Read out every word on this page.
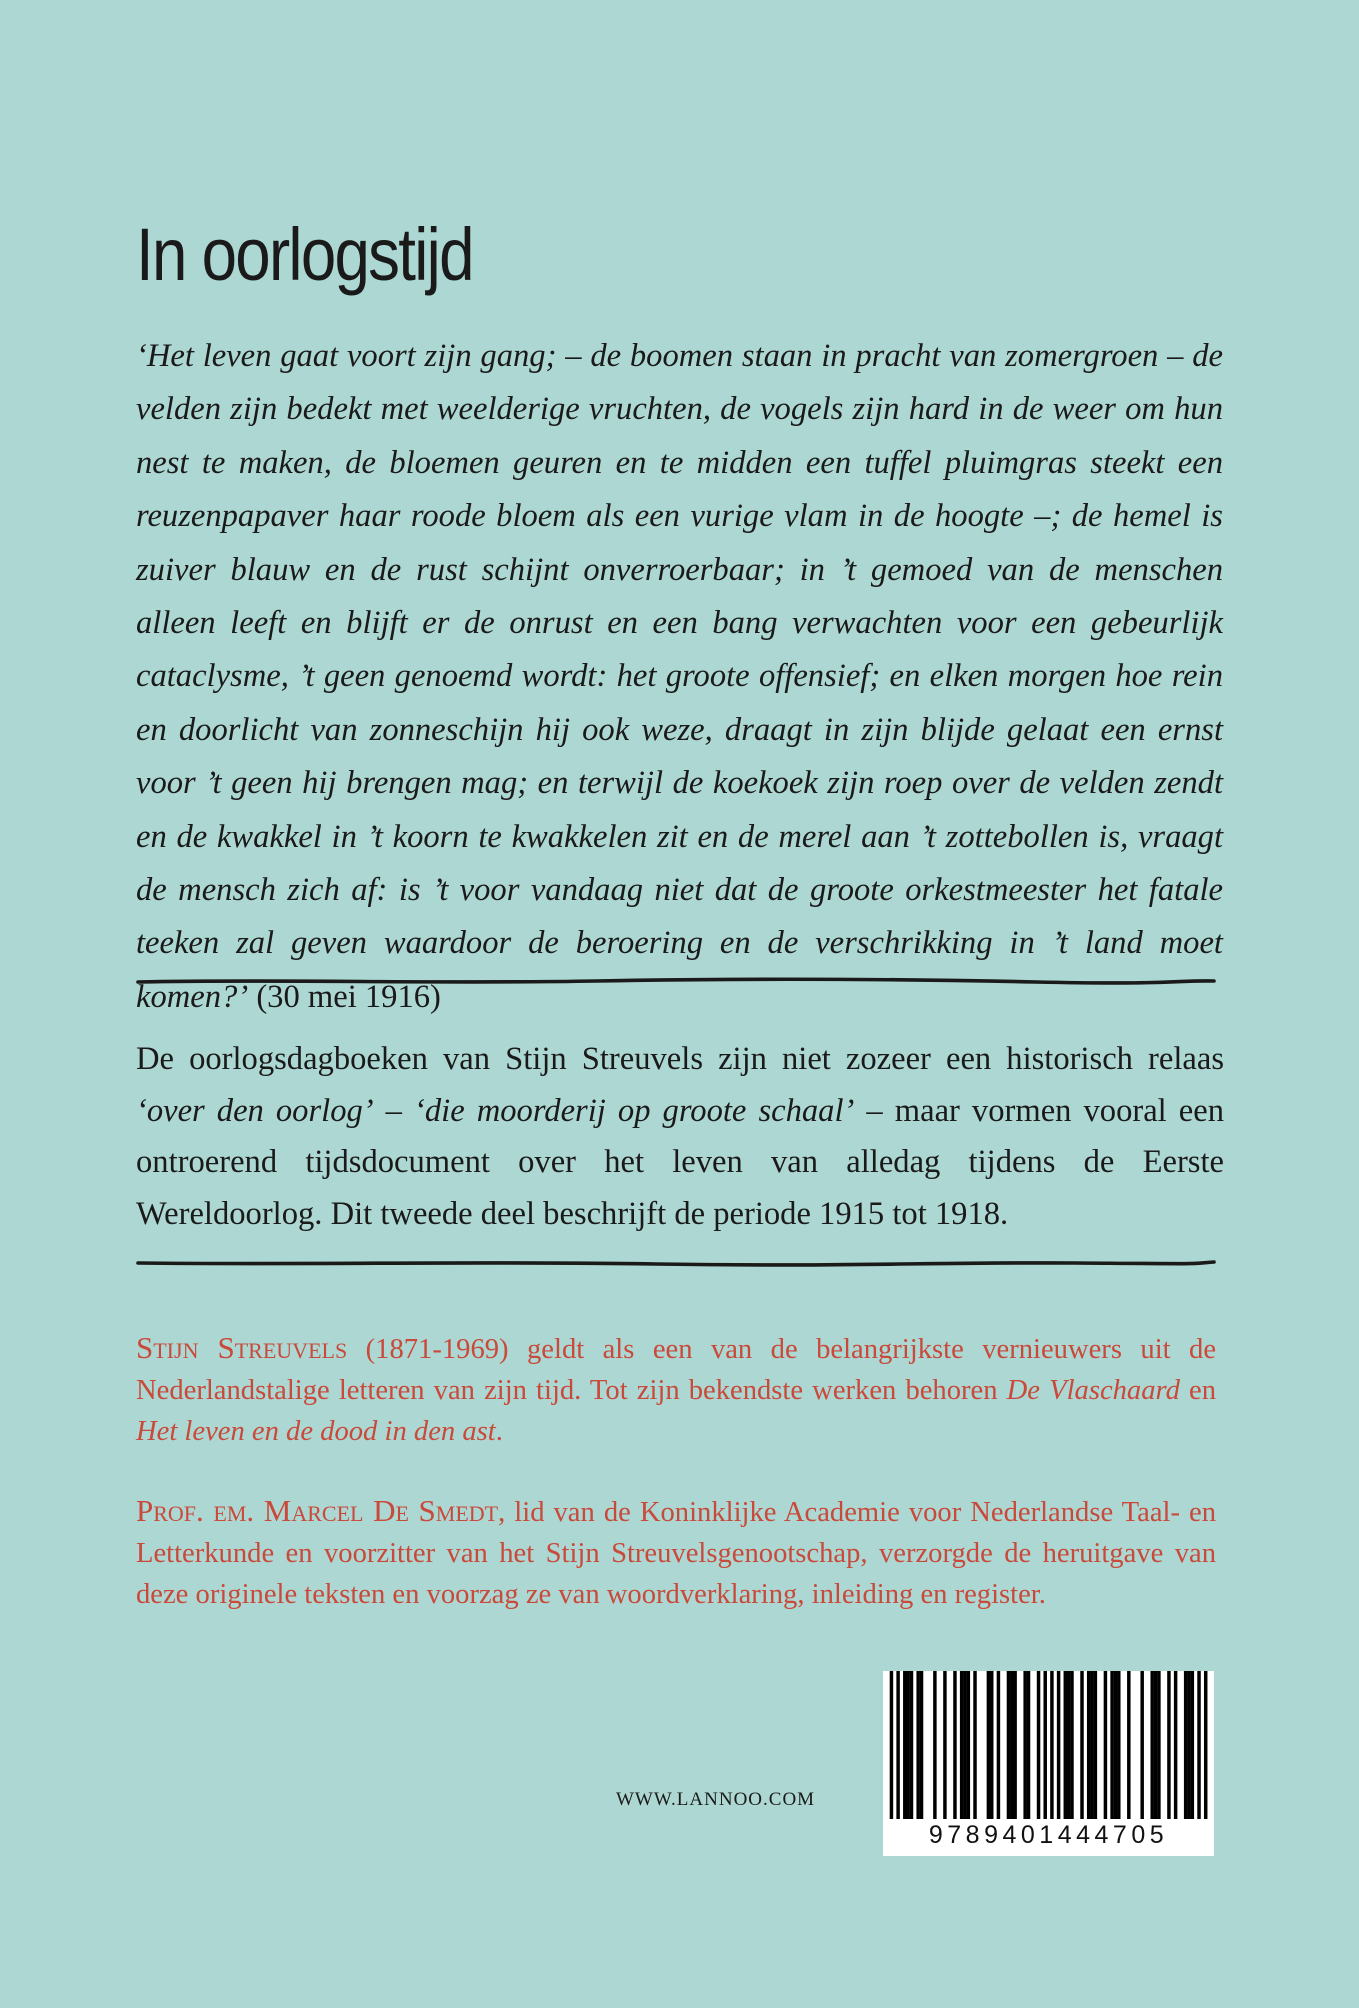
In oorlogstijd

‘Het leven gaat voort zijn gang; – de boomen staan in pracht van zomergroen – de velden zijn bedekt met weelderige vruchten, de vogels zijn hard in de weer om hun nest te maken, de bloemen geuren en te midden een tuffel pluimgras steekt een reuzenpapaver haar roode bloem als een vurige vlam in de hoogte –; de hemel is zuiver blauw en de rust schijnt onverroerbaar; in ’t gemoed van de menschen alleen leeft en blijft er de onrust en een bang verwachten voor een gebeurlijk cataclysme, ’t geen genoemd wordt: het groote offensief; en elken morgen hoe rein en doorlicht van zonneschijn hij ook weze, draagt in zijn blijde gelaat een ernst voor ’t geen hij brengen mag; en terwijl de koekoek zijn roep over de velden zendt en de kwakkel in ’t koorn te kwakkelen zit en de merel aan ’t zottebollen is, vraagt de mensch zich af: is ’t voor vandaag niet dat de groote orkestmeester het fatale teeken zal geven waardoor de beroering en de verschrikking in ’t land moet komen?’ (30 mei 1916)

De oorlogsdagboeken van Stijn Streuvels zijn niet zozeer een historisch relaas ‘over den oorlog’ – ‘die moorderij op groote schaal’ – maar vormen vooral een ontroerend tijdsdocument over het leven van alledag tijdens de Eerste Wereldoorlog. Dit tweede deel beschrijft de periode 1915 tot 1918.

Stijn Streuvels (1871-1969) geldt als een van de belangrijkste vernieuwers uit de Nederlandstalige letteren van zijn tijd. Tot zijn bekendste werken behoren De Vlaschaard en Het leven en de dood in den ast.

Prof. em. Marcel De Smedt, lid van de Koninklijke Academie voor Nederlandse Taal- en Letterkunde en voorzitter van het Stijn Streuvelsgenootschap, verzorgde de heruitgave van deze originele teksten en voorzag ze van woordverklaring, inleiding en register.

WWW.LANNOO.COM
9789401444705
